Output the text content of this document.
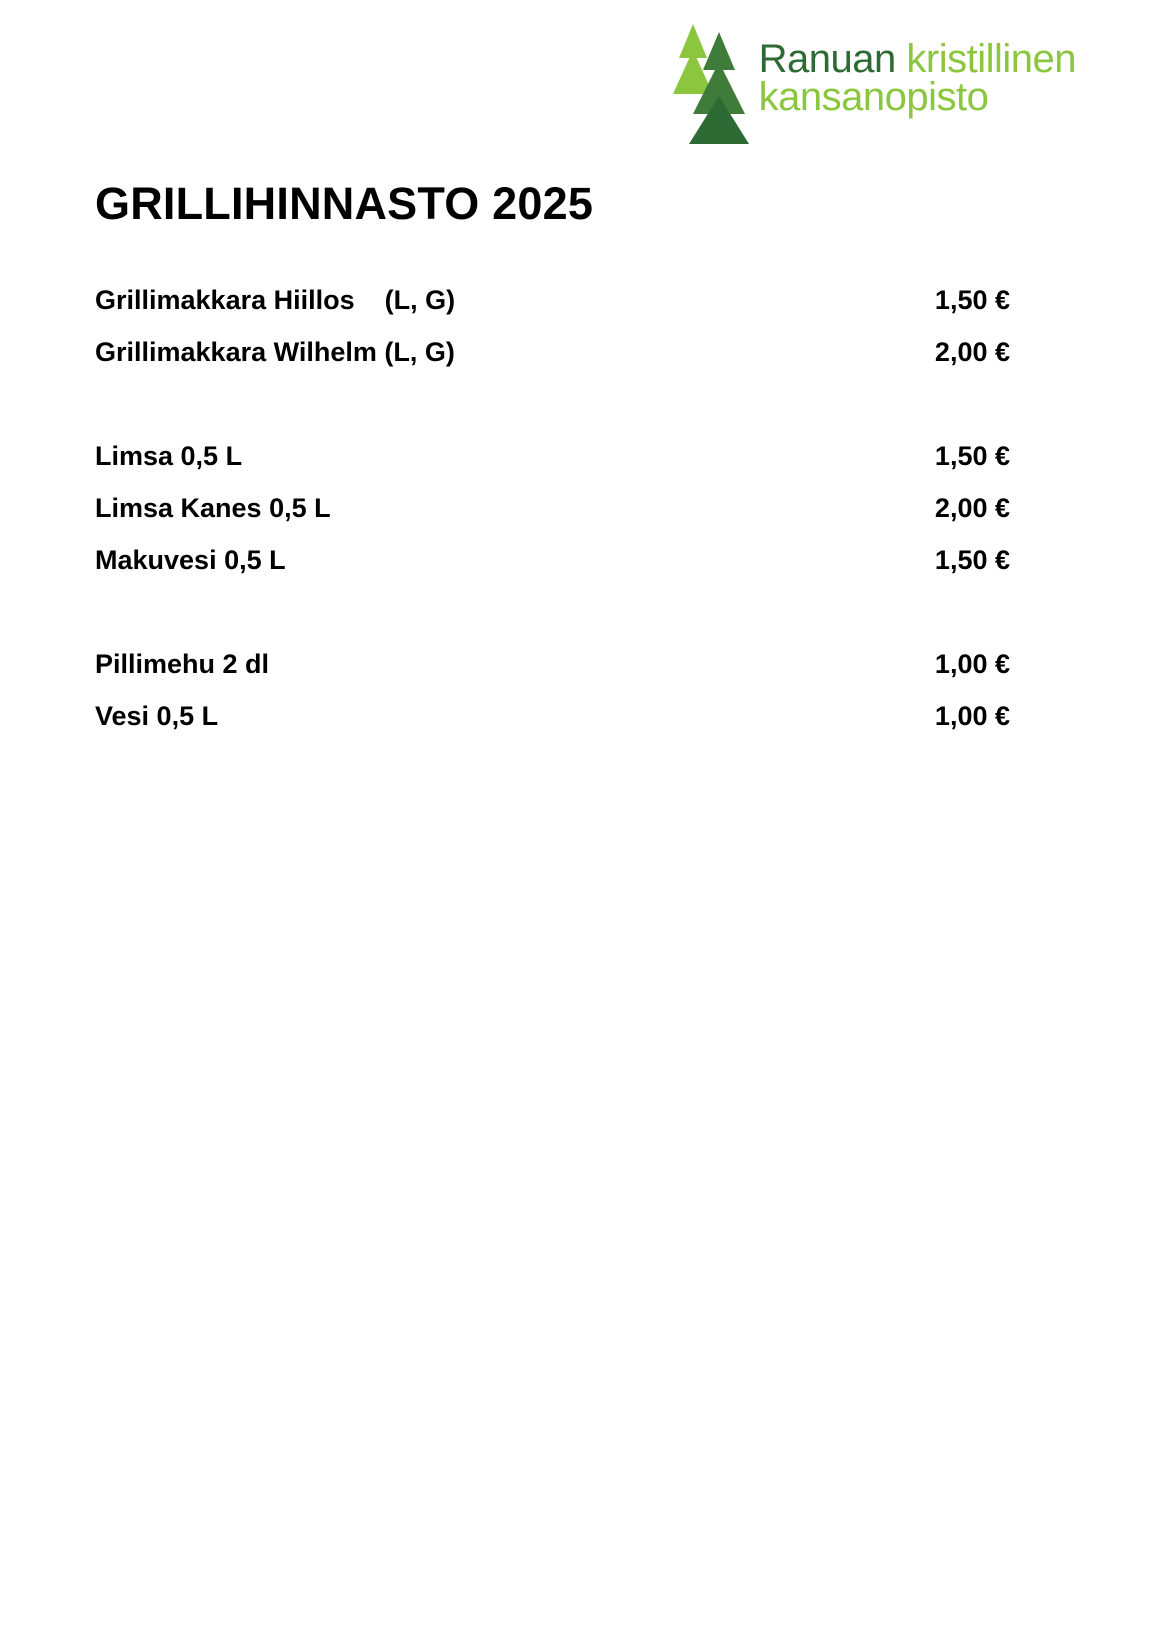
Ranuan kristillinen
kansanopisto
GRILLIHINNASTO 2025
Grillimakkara Hiillos    (L, G)	1,50 €
Grillimakkara Wilhelm (L, G)	2,00 €
Limsa 0,5 L	1,50 €
Limsa Kanes 0,5 L	2,00 €
Makuvesi 0,5 L	1,50 €
Pillimehu 2 dl	1,00 €
Vesi 0,5 L	1,00 €
